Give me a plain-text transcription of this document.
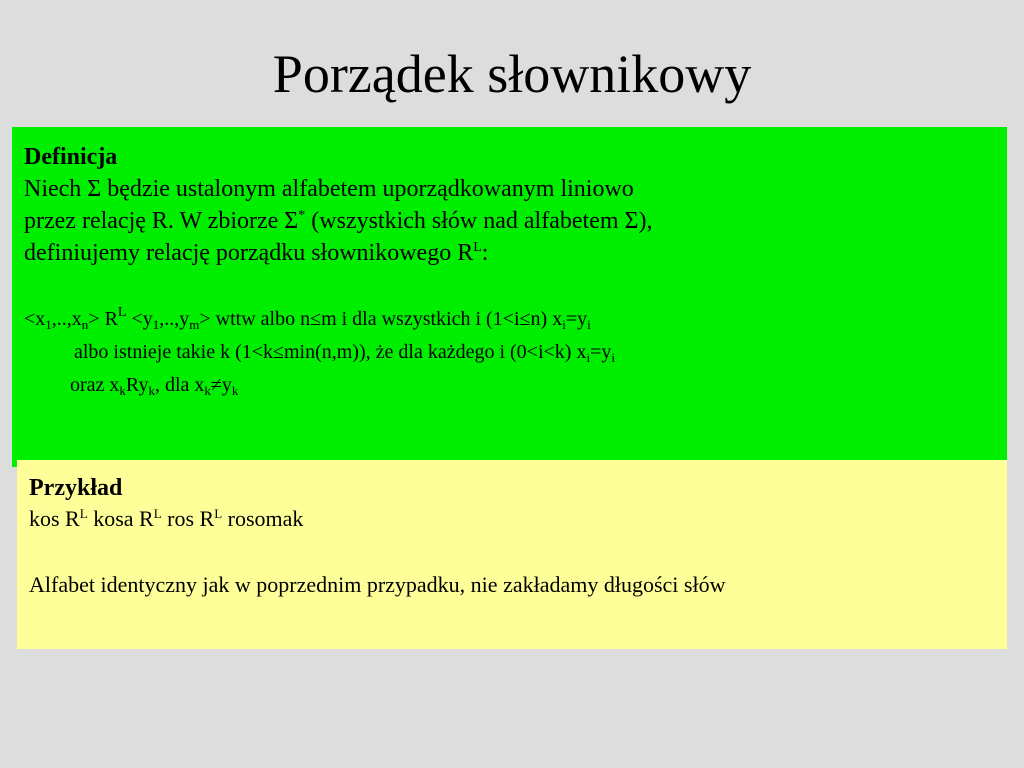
Porządek słownikowy
Definicja
Niech Σ będzie ustalonym alfabetem uporządkowanym liniowo
przez relację R. W zbiorze Σ* (wszystkich słów nad alfabetem Σ),
definiujemy relację porządku słownikowego $R^L$:
$<x_1,..,x_n> R^L <y_1,..,y_m>$ wttw albo n≤m i dla wszystkich i (1<i≤n) $x_i=y_i$
albo istnieje takie k (1<k≤min(n,m)), że dla każdego i (0<i<k) $x_i=y_i$
oraz $x_kRy_k$, dla $x_k\ne y_k$
Przykład
kos $R^L$ kosa $R^L$ ros $R^L$ rosomak
Alfabet identyczny jak w poprzednim przypadku, nie zakładamy długości słów
